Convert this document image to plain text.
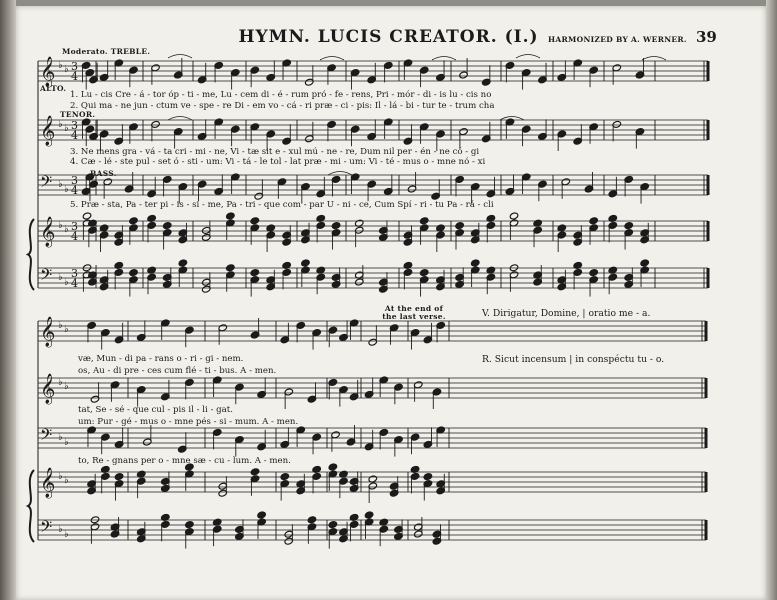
HYMN. LUCIS CREATOR. (I.)	HARMONIZED BY A. WERNER. 39
𝄞 ♭ ♭ 3
4
𝄞 ♭ ♭ 3
4
𝄢 ♭ ♭
3
4
𝄞 ♭ ♭ 3
4
𝄢 ♭ ♭
3
4
𝄞 ♭ ♭
𝄞 ♭ ♭
𝄢 ♭ ♭
𝄞 ♭ ♭
𝄢 ♭ ♭
Moderato. TREBLE.
ALTO.
TENOR.
BASS.
1. Lu - cis Cre - á - tor óp - ti - me, Lu - cem di - é - rum pró - fe - rens, Pri - mór - di - is lu - cis no
2. Qui ma - ne jun - ctum ve - spe - re Di - em vo - cá - ri præ - ci - pis: Il - lá - bi - tur te - trum cha
3. Ne mens gra - vá - ta cri - mi - ne, Vi - tæ sit e - xul mú - ne - re, Dum nil per - én - ne có - gi
4. Cæ - lé - ste pul - set ó - sti - um: Vi - tá - le tol - lat præ - mi - um: Vi - té - mus o - mne nó - xi
5. Præ - sta, Pa - ter pi - is - si - me, Pa - tri - que com - par U - ni - ce, Cum Spí - ri - tu Pa - rá - cli
At the end of the last verse.	V. Dirigatur, Domine, | oratio me - a.
R. Sicut incensum | in conspéctu tu - o.
væ, Mun - di pa - rans o - ri - gi - nem.
os, Au - di pre - ces cum flé - ti - bus. A - men.
tat, Se - sé - que cul - pis il - li - gat.
um: Pur - gé - mus o - mne pés - si - mum. A - men.
to, Re - gnans per o - mne sæ - cu - lum. A - men.
